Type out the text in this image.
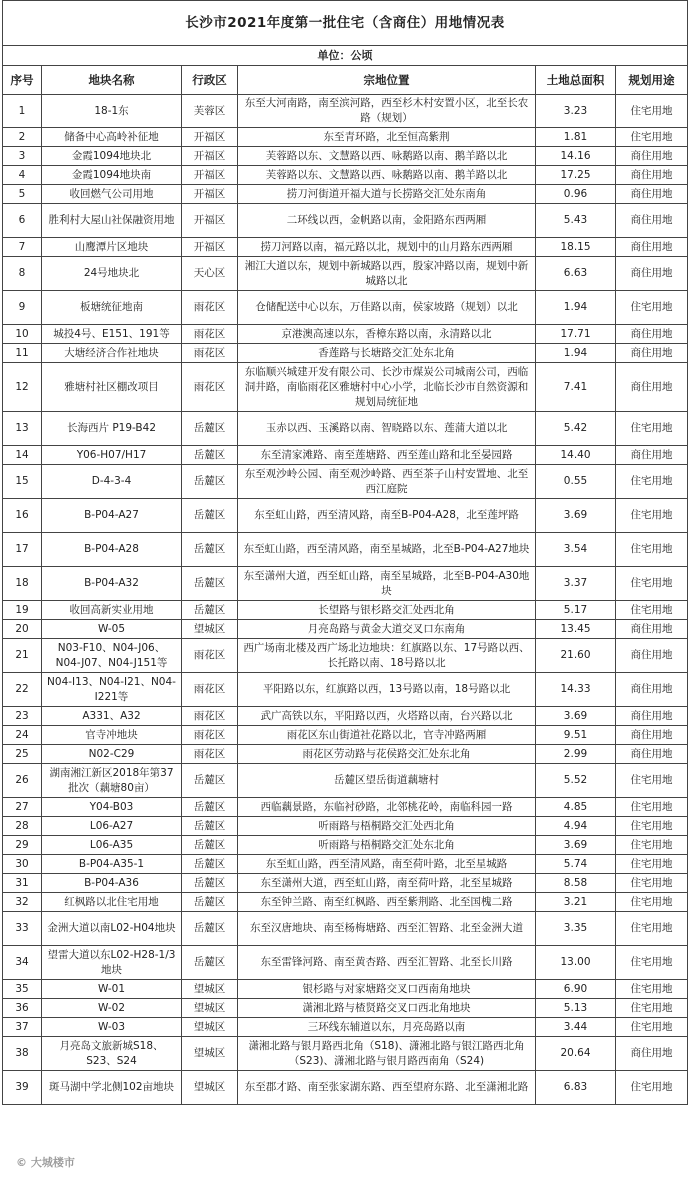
长沙市2021年度第一批住宅（含商住）用地情况表					
单位：公顷					
序号	地块名称	行政区	宗地位置	土地总面积	规划用途
1	18-1东	芙蓉区	东至大河南路，南至滨河路，西至杉木村安置小区，北至长农路（规划）	3.23	住宅用地
2	储备中心高岭补征地	开福区	东至青环路，北至恒高紫荆	1.81	住宅用地
3	金霞1094地块北	开福区	芙蓉路以东、文慧路以西、咏鹅路以南、鹅羊路以北	14.16	商住用地
4	金霞1094地块南	开福区	芙蓉路以东、文慧路以西、咏鹅路以南、鹅羊路以北	17.25	商住用地
5	收回燃气公司用地	开福区	捞刀河街道开福大道与长捞路交汇处东南角	0.96	商住用地
6	胜利村大屋山社保融资用地	开福区	二环线以西，金帆路以南，金阳路东西两厢	5.43	商住用地
7	山鹰潭片区地块	开福区	捞刀河路以南，福元路以北，规划中的山月路东西两厢	18.15	商住用地
8	24号地块北	天心区	湘江大道以东，规划中新城路以西，殷家冲路以南，规划中新城路以北	6.63	商住用地
9	板塘统征地南	雨花区	仓储配送中心以东，万佳路以南，侯家坡路（规划）以北	1.94	住宅用地
10	城投4号、E151、191等	雨花区	京港澳高速以东，香樟东路以南，永清路以北	17.71	商住用地
11	大塘经济合作社地块	雨花区	香莲路与长塘路交汇处东北角	1.94	商住用地
12	雅塘村社区棚改项目	雨花区	东临顺兴城建开发有限公司、长沙市煤炭公司城南公司，西临洞井路，南临雨花区雅塘村中心小学，北临长沙市自然资源和规划局统征地	7.41	商住用地
13	长海西片 P19-B42	岳麓区	玉赤以西、玉溪路以南、智晓路以东、莲蒲大道以北	5.42	住宅用地
14	Y06-H07/H17	岳麓区	东至清家滩路、南至莲塘路、西至莲山路和北至晏园路	14.40	商住用地
15	D-4-3-4	岳麓区	东至观沙岭公园、南至观沙岭路、西至茶子山村安置地、北至西江庭院	0.55	住宅用地
16	B-P04-A27	岳麓区	东至虹山路，西至清风路，南至B-P04-A28，北至莲坪路	3.69	住宅用地
17	B-P04-A28	岳麓区	东至虹山路，西至清风路，南至星城路，北至B-P04-A27地块	3.54	住宅用地
18	B-P04-A32	岳麓区	东至潇州大道，西至虹山路，南至星城路，北至B-P04-A30地块	3.37	住宅用地
19	收回高新实业用地	岳麓区	长望路与银杉路交汇处西北角	5.17	住宅用地
20	W-05	望城区	月亮岛路与黄金大道交叉口东南角	13.45	商住用地
21	N03-F10、N04-J06、N04-J07、N04-J151等	雨花区	西广场南北楼及西广场北边地块：红旗路以东、17号路以西、长托路以南、18号路以北	21.60	商住用地
22	N04-I13、N04-I21、N04-I221等	雨花区	平阳路以东，红旗路以西，13号路以南，18号路以北	14.33	商住用地
23	A331、A32	雨花区	武广高铁以东，平阳路以西，火塔路以南，台兴路以北	3.69	商住用地
24	官寺冲地块	雨花区	雨花区东山街道社花路以北，官寺冲路两厢	9.51	商住用地
25	N02-C29	雨花区	雨花区劳动路与花侯路交汇处东北角	2.99	商住用地
26	湖南湘江新区2018年第37批次（藕塘80亩）	岳麓区	岳麓区望岳街道藕塘村	5.52	住宅用地
27	Y04-B03	岳麓区	西临藕景路，东临衬砂路，北邻桃花岭，南临科园一路	4.85	住宅用地
28	L06-A27	岳麓区	听雨路与梧桐路交汇处西北角	4.94	住宅用地
29	L06-A35	岳麓区	听雨路与梧桐路交汇处东北角	3.69	住宅用地
30	B-P04-A35-1	岳麓区	东至虹山路，西至清风路，南至荷叶路，北至星城路	5.74	住宅用地
31	B-P04-A36	岳麓区	东至潇州大道，西至虹山路，南至荷叶路，北至星城路	8.58	住宅用地
32	红枫路以北住宅用地	岳麓区	东至钟兰路、南至红枫路、西至紫荆路、北至国槐二路	3.21	住宅用地
33	金洲大道以南L02-H04地块	岳麓区	东至汉唐地块、南至杨梅塘路、西至汇智路、北至金洲大道	3.35	住宅用地
34	望雷大道以东L02-H28-1/3地块	岳麓区	东至雷锋河路、南至黄杏路、西至汇智路、北至长川路	13.00	住宅用地
35	W-01	望城区	银杉路与对家塘路交叉口西南角地块	6.90	住宅用地
36	W-02	望城区	潇湘北路与楂贤路交叉口西北角地块	5.13	住宅用地
37	W-03	望城区	三环线东辅道以东，月亮岛路以南	3.44	住宅用地
38	月亮岛文旅新城S18、S23、S24	望城区	潇湘北路与银月路西北角（S18)、潇湘北路与银江路西北角（S23)、潇湘北路与银月路西南角（S24)	20.64	商住用地
39	斑马湖中学北侧102亩地块	望城区	东至郡才路、南至张家湖东路、西至望府东路、北至潇湘北路	6.83	住宅用地
© 大城楼市
